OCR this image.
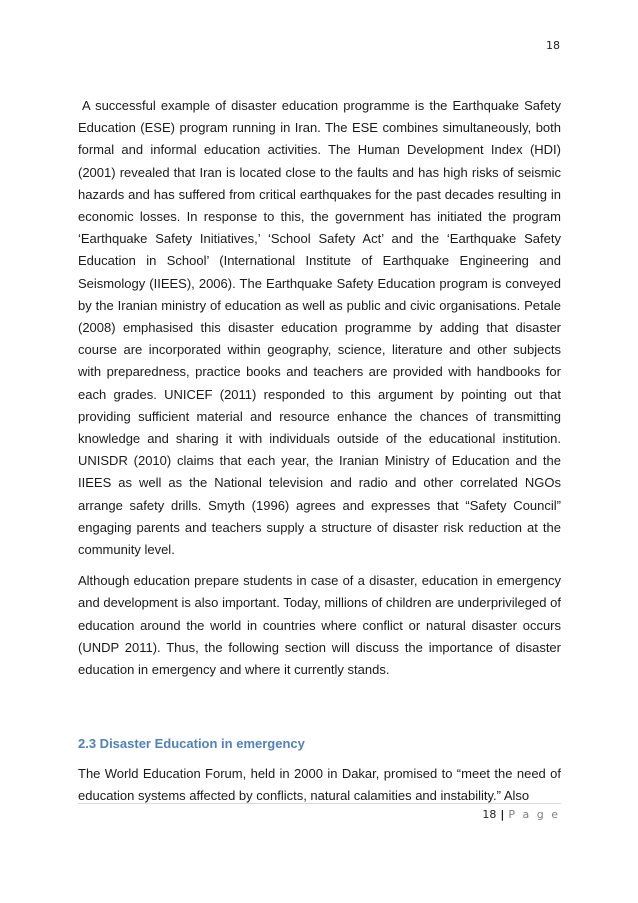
18

A successful example of disaster education programme is the Earthquake Safety Education (ESE) program running in Iran. The ESE combines simultaneously, both formal and informal education activities. The Human Development Index (HDI) (2001) revealed that Iran is located close to the faults and has high risks of seismic hazards and has suffered from critical earthquakes for the past decades resulting in economic losses. In response to this, the government has initiated the program ‘Earthquake Safety Initiatives,’ ‘School Safety Act’ and the ‘Earthquake Safety Education in School’ (International Institute of Earthquake Engineering and Seismology (IIEES), 2006). The Earthquake Safety Education program is conveyed by the Iranian ministry of education as well as public and civic organisations. Petale (2008) emphasised this disaster education programme by adding that disaster course are incorporated within geography, science, literature and other subjects with preparedness, practice books and teachers are provided with handbooks for each grades. UNICEF (2011) responded to this argument by pointing out that providing sufficient material and resource enhance the chances of transmitting knowledge and sharing it with individuals outside of the educational institution. UNISDR (2010) claims that each year, the Iranian Ministry of Education and the IIEES as well as the National television and radio and other correlated NGOs arrange safety drills. Smyth (1996) agrees and expresses that “Safety Council” engaging parents and teachers supply a structure of disaster risk reduction at the community level.

Although education prepare students in case of a disaster, education in emergency and development is also important. Today, millions of children are underprivileged of education around the world in countries where conflict or natural disaster occurs (UNDP 2011). Thus, the following section will discuss the importance of disaster education in emergency and where it currently stands.

2.3 Disaster Education in emergency

The World Education Forum, held in 2000 in Dakar, promised to “meet the need of education systems affected by conflicts, natural calamities and instability.” Also

18 | P a g e
